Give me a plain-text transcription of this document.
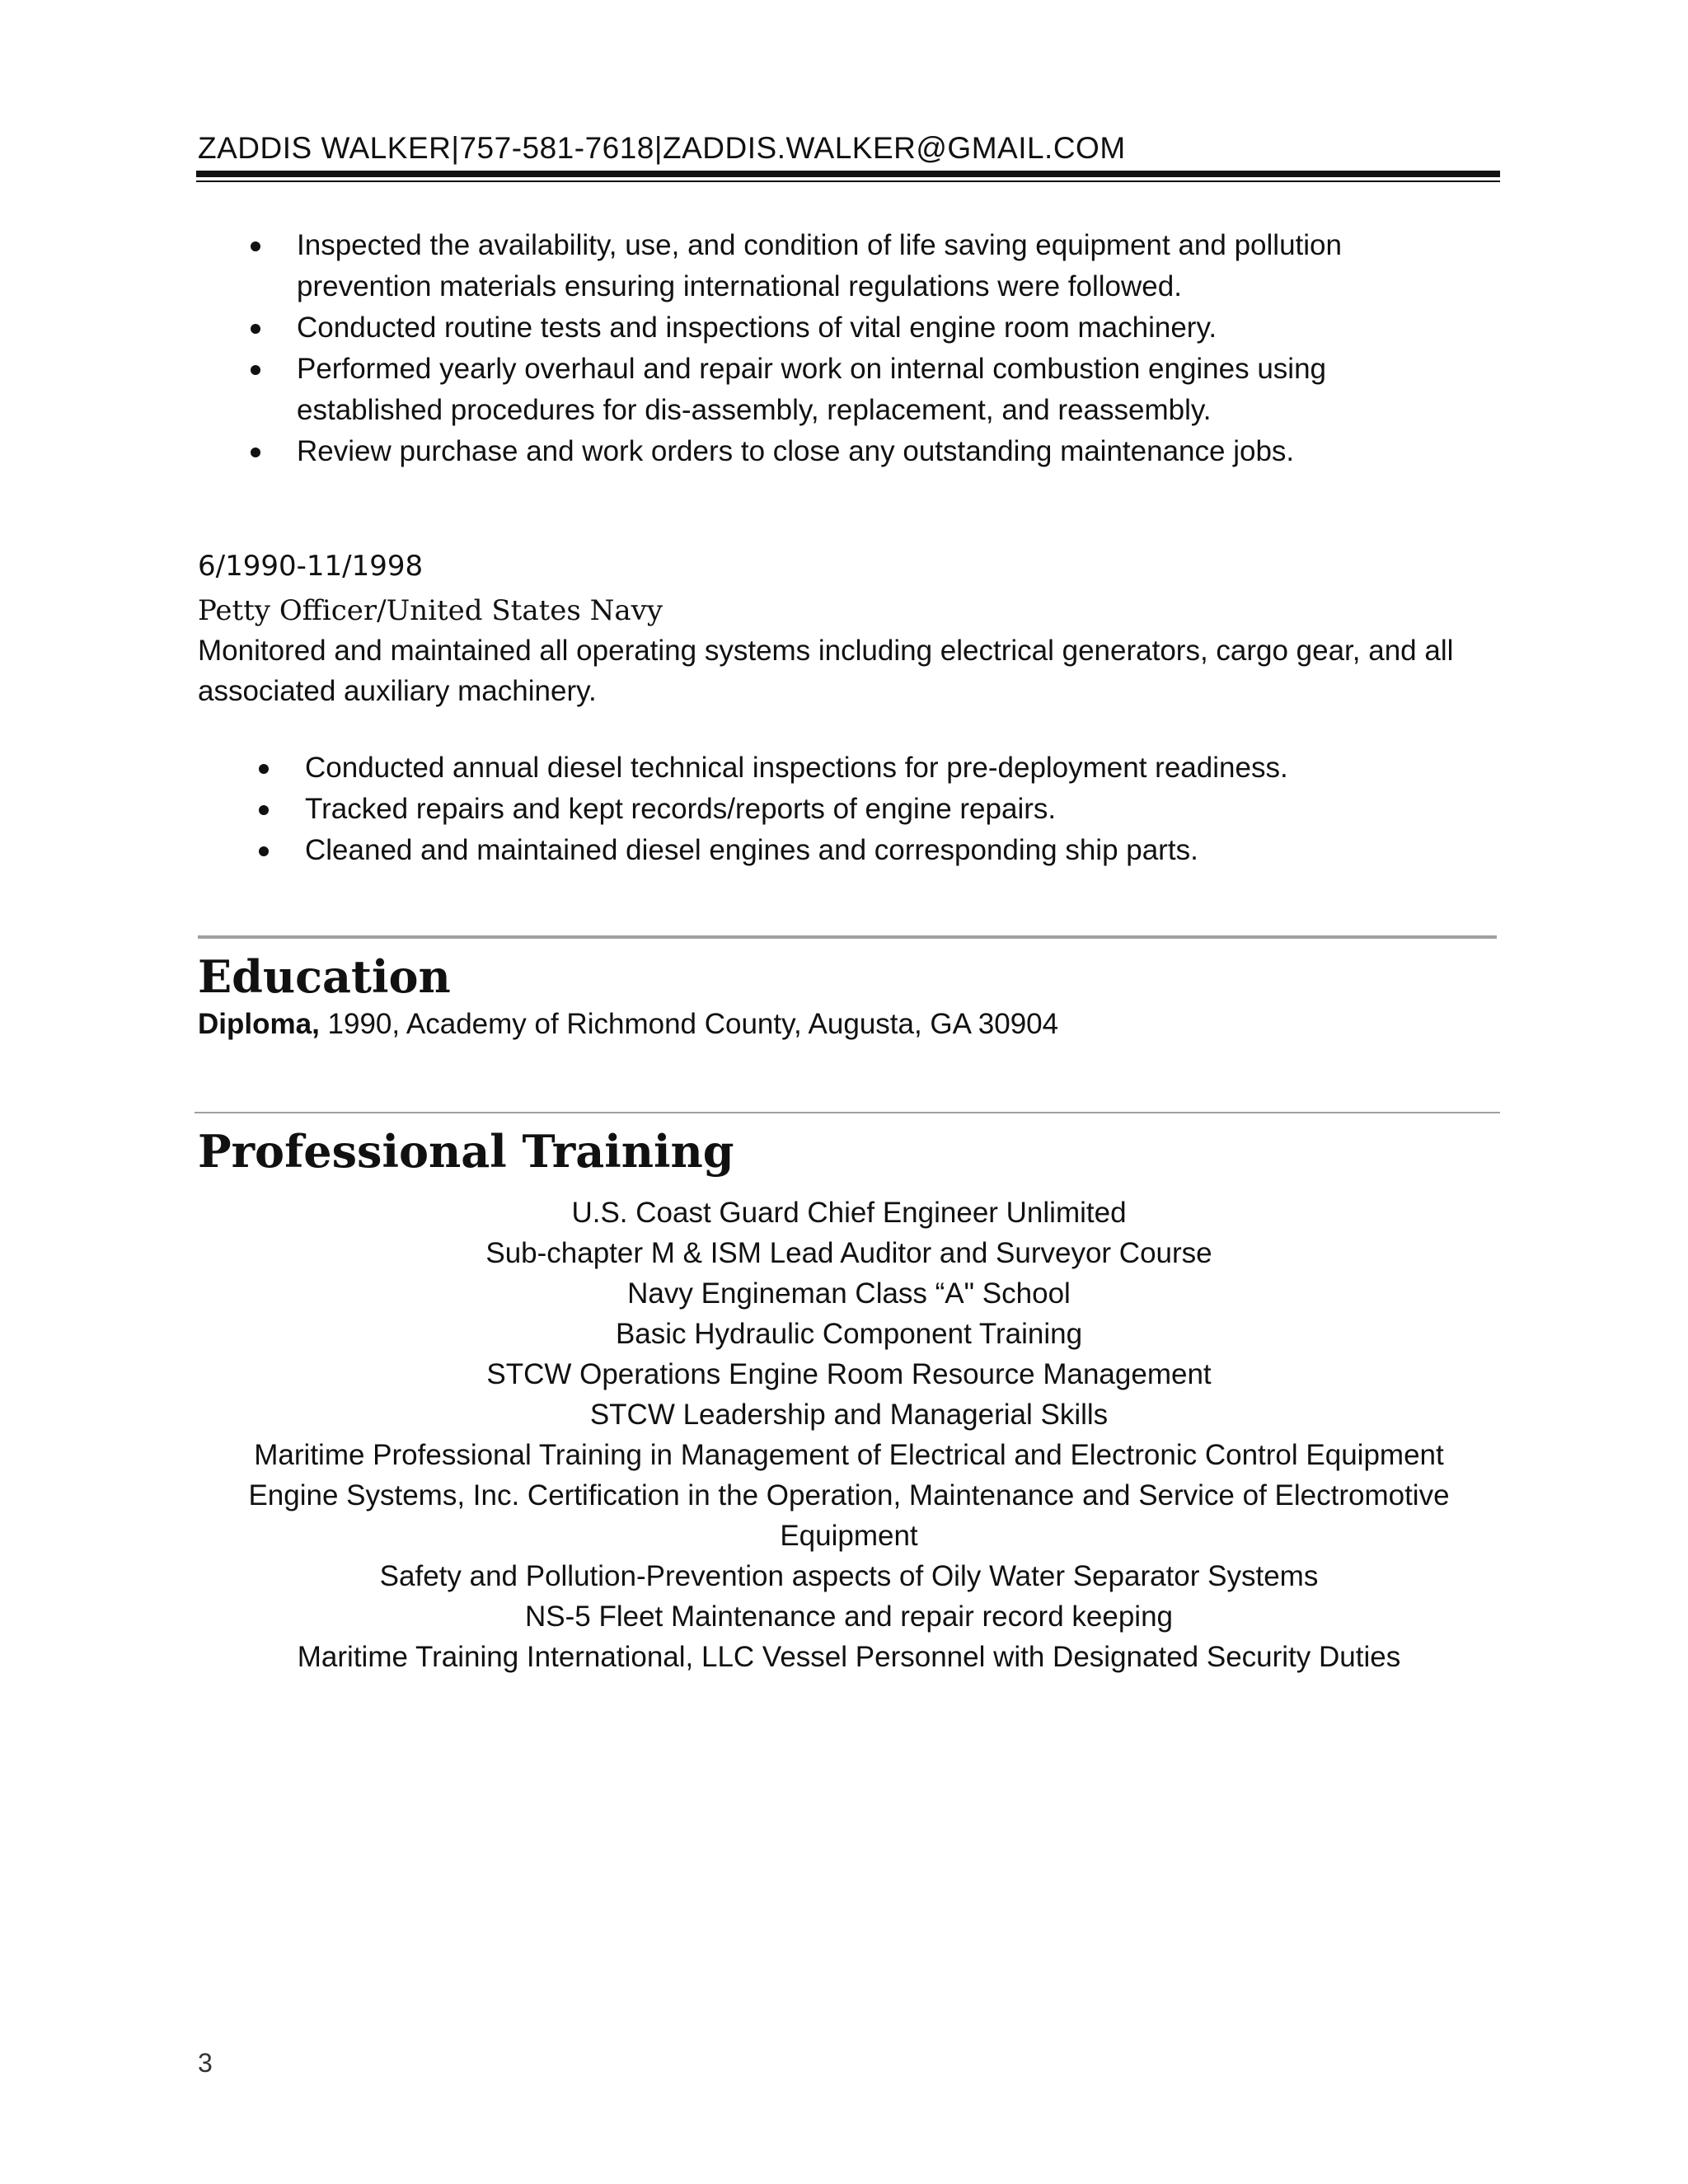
ZADDIS WALKER|757-581-7618|ZADDIS.WALKER@GMAIL.COM
Inspected the availability, use, and condition of life saving equipment and pollution prevention materials ensuring international regulations were followed.
Conducted routine tests and inspections of vital engine room machinery.
Performed yearly overhaul and repair work on internal combustion engines using established procedures for dis-assembly, replacement, and reassembly.
Review purchase and work orders to close any outstanding maintenance jobs.
6/1990-11/1998
Petty Officer/United States Navy
Monitored and maintained all operating systems including electrical generators, cargo gear, and all associated auxiliary machinery.
Conducted annual diesel technical inspections for pre-deployment readiness.
Tracked repairs and kept records/reports of engine repairs.
Cleaned and maintained diesel engines and corresponding ship parts.
Education
Diploma, 1990, Academy of Richmond County, Augusta, GA 30904
Professional Training
U.S. Coast Guard Chief Engineer Unlimited
Sub-chapter M & ISM Lead Auditor and Surveyor Course
Navy Engineman Class “A" School
Basic Hydraulic Component Training
STCW Operations Engine Room Resource Management
STCW Leadership and Managerial Skills
Maritime Professional Training in Management of Electrical and Electronic Control Equipment
Engine Systems, Inc. Certification in the Operation, Maintenance and Service of Electromotive Equipment
Safety and Pollution-Prevention aspects of Oily Water Separator Systems
NS-5 Fleet Maintenance and repair record keeping
Maritime Training International, LLC Vessel Personnel with Designated Security Duties
3
